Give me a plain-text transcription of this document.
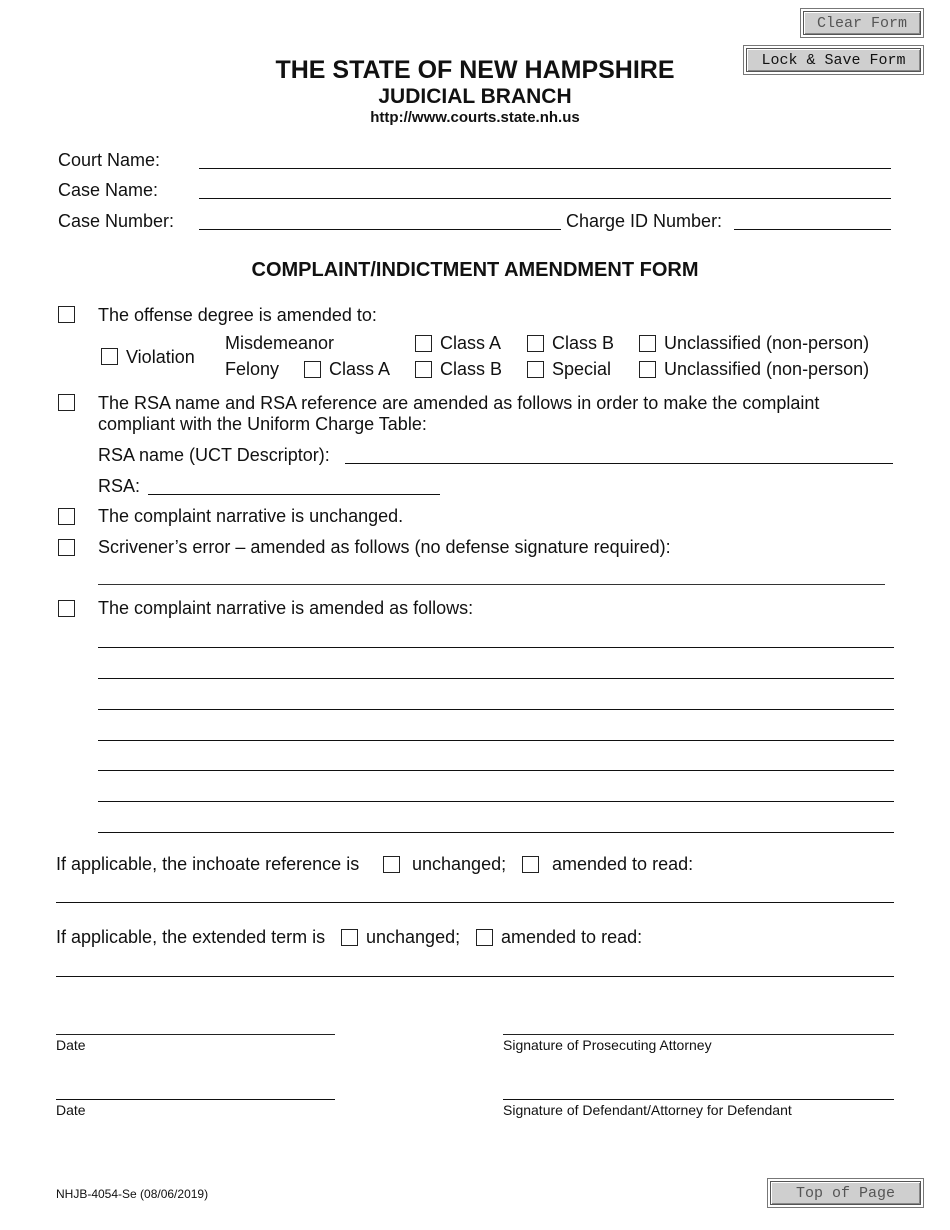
Clear Form
Lock & Save Form
THE STATE OF NEW HAMPSHIRE
JUDICIAL BRANCH
http://www.courts.state.nh.us
Court Name:
Case Name:
Case Number:	Charge ID Number:
COMPLAINT/INDICTMENT AMENDMENT FORM
The offense degree is amended to:
Violation
Misdemeanor	Class A	Class B	Unclassified (non-person)
Felony	Class A	Class B	Special	Unclassified (non-person)
The RSA name and RSA reference are amended as follows in order to make the complaint
compliant with the Uniform Charge Table:
RSA name (UCT Descriptor):
RSA:
The complaint narrative is unchanged.
Scrivener’s error – amended as follows (no defense signature required):
The complaint narrative is amended as follows:
If applicable, the inchoate reference is	unchanged;	amended to read:
If applicable, the extended term is unchanged; amended to read:
Date	Signature of Prosecuting Attorney
Date	Signature of Defendant/Attorney for Defendant
NHJB-4054-Se (08/06/2019)	Top of Page
